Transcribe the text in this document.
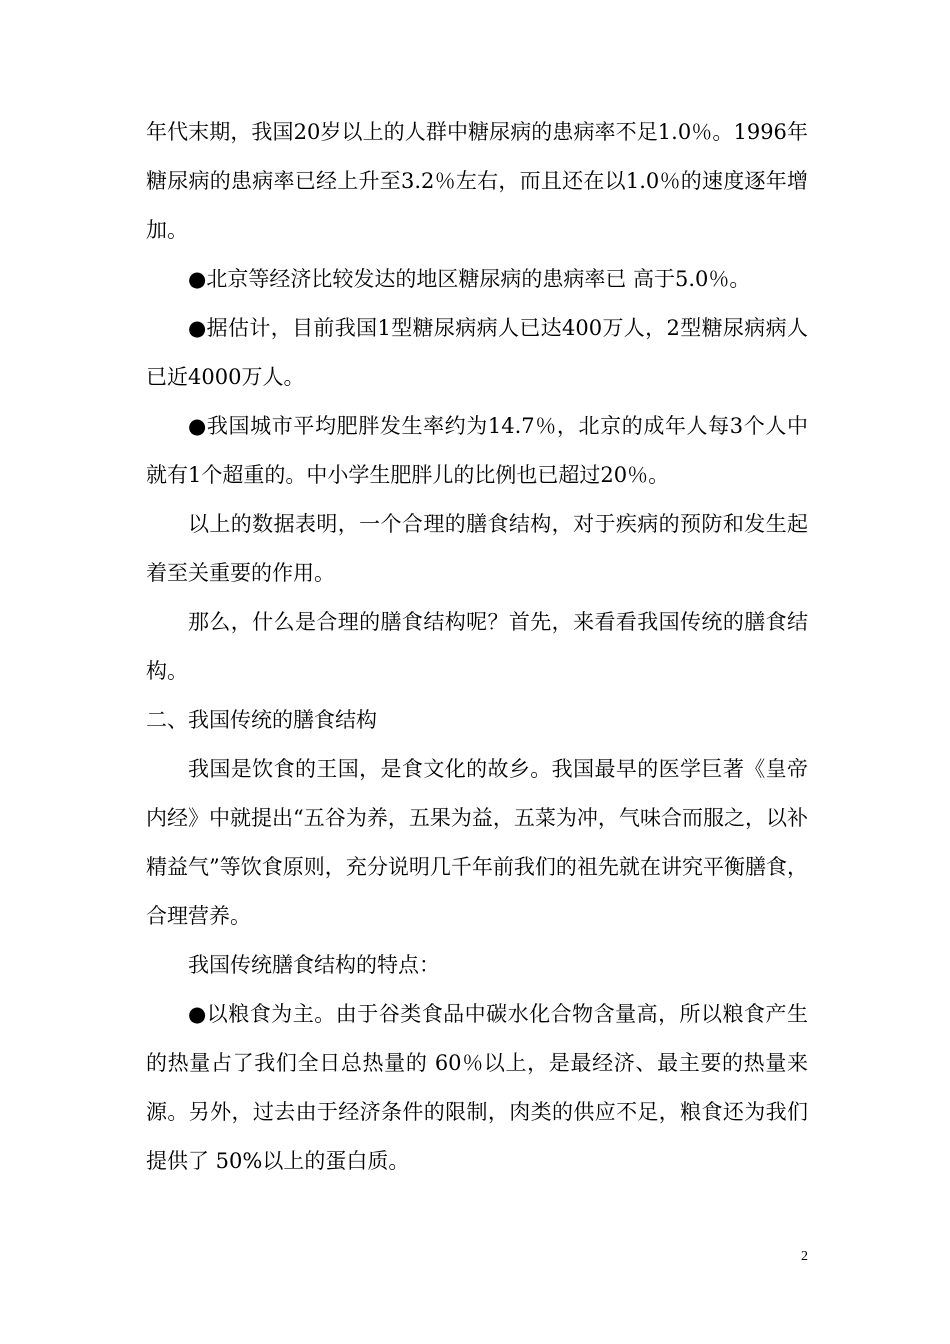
年代末期，我国20岁以上的人群中糖尿病的患病率不足1.0％。1996年糖尿病的患病率已经上升至3.2％左右，而且还在以1.0％的速度逐年增加。

●北京等经济比较发达的地区糖尿病的患病率已 高于5.0％。

●据估计，目前我国1型糖尿病病人已达400万人，2型糖尿病病人已近4000万人。

●我国城市平均肥胖发生率约为14.7％，北京的成年人每3个人中就有1个超重的。中小学生肥胖儿的比例也已超过20％。

以上的数据表明，一个合理的膳食结构，对于疾病的预防和发生起着至关重要的作用。

那么，什么是合理的膳食结构呢？首先，来看看我国传统的膳食结构。

二、我国传统的膳食结构

我国是饮食的王国，是食文化的故乡。我国最早的医学巨著《皇帝内经》中就提出“五谷为养，五果为益，五菜为冲，气味合而服之，以补精益气”等饮食原则，充分说明几千年前我们的祖先就在讲究平衡膳食，合理营养。

我国传统膳食结构的特点：

●以粮食为主。由于谷类食品中碳水化合物含量高，所以粮食产生的热量占了我们全日总热量的 60％以上，是最经济、最主要的热量来源。另外，过去由于经济条件的限制，肉类的供应不足，粮食还为我们提供了 50%以上的蛋白质。

2
